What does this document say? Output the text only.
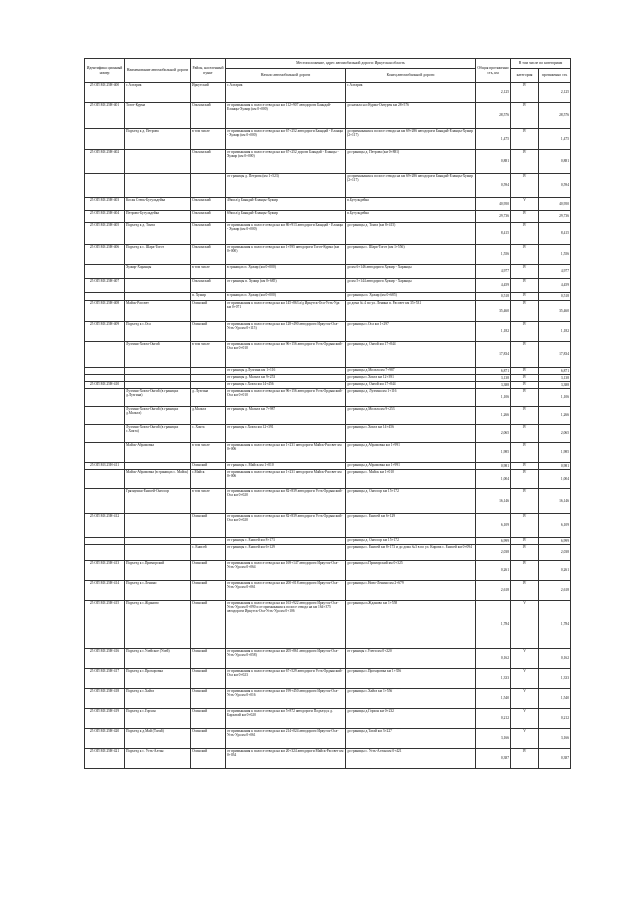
Идентифика ционный номер	Наименование автомобильной дороги	Район, населенный пункт	Местоположение, адрес автомобильной дороги: Иркутская область		Общая протяженно сть, км	В том числе по категориям	
			Начало автомобильной дороги	Конец автомобильной дороги		категория	протяженно сть

25 ОП МЗ 25Н-400	с.Алтарик	Иркутский	с.Алтарик	с.Алтарик	2,125	IV	2,125
25 ОП МЗ 25Н-401	Тогот-Курма	Ольхонский	от примыкания к полосе отвода на км 112+907 автодороги Баяндай-Еланцы-Хужир (км 0+000)	до начала н.п Курма-Онтурен км 28+576	28,576	IV	28,576
	Подъезд к д. Петрова	в том числе	от примыкания к полосе отвода на км 67+252 автодороги Баяндай - Еланцы - Хужир (км 0+000)	до примыкания к полосе отвода на км 69+286 автодороги Баяндай-Еланцы-Хужир (2+117)	1,475	IV	1,475
25 ОП МЗ 25Н-402		Ольхонский	от примыкания к полосе отвода на км 67+252 дороги Баяндай - Еланцы - Хужир (км 0+000)	до границы д. Петрова (км 0+881)	0,881	IV	0,881
			от границы д. Петрова (км 1+523)	до примыкания к полосе отвода на км 69+286 автодороги Баяндай-Еланцы-Хужир (2+117)	0,594	IV	0,594
25 ОП МЗ 25Н-403	Косая Степь-Бугульдейка	Ольхонский	49км а/д Баяндай-Еланцы-Хужир	п.Бугульдейка	40,950	V	40,950
25 ОП МЗ 25Н-404	Петрово-Бугульдейка	Ольхонский	69км а/д Баяндай-Еланцы-Хужир	п.Бугульдейка	29,736	IV	29,736
25 ОП МЗ 25Н-405	Подъезд к д. Тонта	Ольхонский	от примыкания к полосе отвода на км 86+913 автодороги Баяндай - Еланцы - Хужир (км 0+000)	до границы д. Тонта (км 8+415)	8,415	IV	8,415
25 ОП МЗ 25Н-406	Подъезд к с. Шара-Тогот	Ольхонский	от примыкания к полосе отвода на км 1+595 автодороги Тогот-Курма (км 0+000)	до границы с. Шара-Тогот (км 1+556)	1,556	IV	1,556
	Хужир-Харанцы	в том числе	в границах п. Хужир (км 0+000)	до км 6+146 автодороги Хужир - Харанцы	4,977	IV	4,977
25 ОП МЗ 25Н-407		Ольхонский	от границы п. Хужир (км 0+685)	до км 5+144 автодороги Хужир - Харанцы	4,459	IV	4,459
		п. Хужир	в границах п. Хужир (км 0+000)	до границы п. Хужир (км 0+685)	0,518	IV	0,518
25 ОП МЗ 25Н-408	Майск-Рассвет	Осинский	от примыкания к полосе отвода на км 145+863 а/д Иркутск-Оса-Усть-Уда км 0+071	до дома № 4 по ул. Ленина п. Рассвет км 35+531	35,460	IV	35,460
25 ОП МЗ 25Н-409	Подъезд к с.Оса	Осинский	от примыкания к полосе отвода на км 128+490 автодороги Иркутск-Оса-Усть-Уда км 0+115)	до границы с.Оса км 1+297	1,182	IV	1,182
	Лузгина-Хокта-Онгой	в том числе	от примыкания к полосе отвода на км 96+156 автодороги Усть-Ордынский-Оса км 0+010	до границы д. Онгой км 17+844	17,834	IV	17,834
			от границы д.Лузгина км 1+116	до границы д.Мольта км 7+987	6,871	IV	6,871
			от границы д. Мольта км 9+253	до границы с.Хокта км 12+391	3,138	IV	3,138
25 ОП МЗ 25Н-410			от границы с.Хокта км 14+456	до границы д. Онгой км 17+844	3,388	IV	3,388
	Лузгина-Хокта-Онгой (в границах д.Лузгина)	д. Лузгина	от примыкания к полосе отвода на км 96+156 автодороги Усть-Ордынский-Оса км 0+010	до границы д. Лузгина км 1+116	1,106	IV	1,106
	Лузгина-Хокта-Онгой (в границах д.Мольта)	д.Мольта	от границы д. Мольта км 7+987	до границы д.Мольта км 9+253	1,266	IV	1,266
	Лузгина-Хокта-Онгой (в границах с.Хокта)	с. Хокта	от границы с.Хокта км 12+391	до границы с.Хокта км 14+456	2,065	IV	2,065
	Майск-Абрамовка	в том числе	от примыкания к полосе отвода на км 1+231 автодороги Майск-Рассвет км 0+006	до границы д.Абрамовка км 1+991	1,985	IV	1,985
25 ОП МЗ 25Н-411		Осинский	от границы с. Майск км 1+010	до границы д.Абрамовка км 1+991	0,981	IV	0,981
	Майск-Абрамовка (в границах с. Майск)	с.Майск	от примыкания к полосе отвода на км 1+231 автодороги Майск-Рассвет км 0+006	до границы с. Майск км 1+010	1,004	IV	1,004
	Грязнушка-Енисей-Онгосор	в том числе	от примыкания к полосе отвода на км 82+839 автодороги Усть-Ордынский-Оса км 0+020	до границы д. Онгосор км 15+172	16,146	IV	16,146
25 ОП МЗ 25Н-412		Осинский	от примыкания к полосе отвода на км 82+839 автодороги Усть-Ордынский-Оса км 0+020	до границы с. Енисей км 6+129	6,109	IV	6,109
			от границы с. Енисей км 8+173	до границы д. Онгосор км 15+172	6,999	IV	6,999
		с. Енисей	от границы с. Енисей км 6+129	до границы с. Енисей км 8+173 и до дома №3 в по ул. Кирова с. Енисей км 0+094	2,038	IV	2,038
25 ОП МЗ 25Н-413	Подъезд к с.Приморский	Осинский	от примыкания к полосе отвода на км 169+147 автодороги Иркутск-Оса-Усть-Уда км 0+064	до границы п.Приморский км 0+325	0,261	IV	0,261
25 ОП МЗ 25Н-414	Подъезд к с.Ленино	Осинский	от примыкания к полосе отвода на км 200+018 автодороги Иркутск-Оса-Усть-Уда км 0+061	до границы с.Ново-Ленино км 2+679	2,618	IV	2,618
25 ОП МЗ 25Н-415	Подъезд к с.Жданово	Осинский	от примыкания к полосе отвода на км 163+922 автодороги Иркутск-Оса-Усть-Уда км 0+090 и от примыкания к полосе отвода на км 164+375 автодороги Иркутск-Оса-Усть-Уда км 0+106	до границы п.Жданово км 1+558	1,784	V	1,784
25 ОП МЗ 25Н-416	Подъезд к с.Улейское (Улей)	Осинский	от примыкания к полосе отвода на км 205+861 автодороги Иркутск-Оса-Усть-Уда км 0+058)	от границы с.Улеги км 0+220	0,162	V	0,162
25 ОП МЗ 25Н-417	Подъезд к с.Прохоровка	Осинский	от примыкания к полосе отвода на км 67+529 автодороги Усть-Ордынский-Оса км 0+023	до границы с.Прохоровка км 1+356	1,333	V	1,333
25 ОП МЗ 25Н-418	Подъезд к с.Хайга	Осинский	от примыкания к полосе отвода на км 199+450 автодороги Иркутск-Оса-Усть-Уда км 0+016	до границы с.Хайга км 1+556	1,540	V	1,540
25 ОП МЗ 25Н-419	Подъезд к с.Горхон	Осинский	от примыкания к полосе отвода на км 5+872 автодороги Подъезд к д. Бархатай км 0+020	до границы д.Горхон км 0+232	0,212	V	0,212
25 ОП МЗ 25Н-420	Подъезд к д.Май (Тагай)	Осинский	от примыкания к полосе отвода на км 214+024 автодороги Иркутск-Оса-Усть-Уда км 0+061	до границы д.Тагай км 3+227	3,166	V	3,166
25 ОП МЗ 25Н-421	Подъезд к с. Усть-Алтан	Осинский	от примыкания к полосе отвода на км 20+324 автодороги Майск-Рассвет км 0+034	до границы с. Усть-Алтан км 0+421	0,387	IV	0,387
